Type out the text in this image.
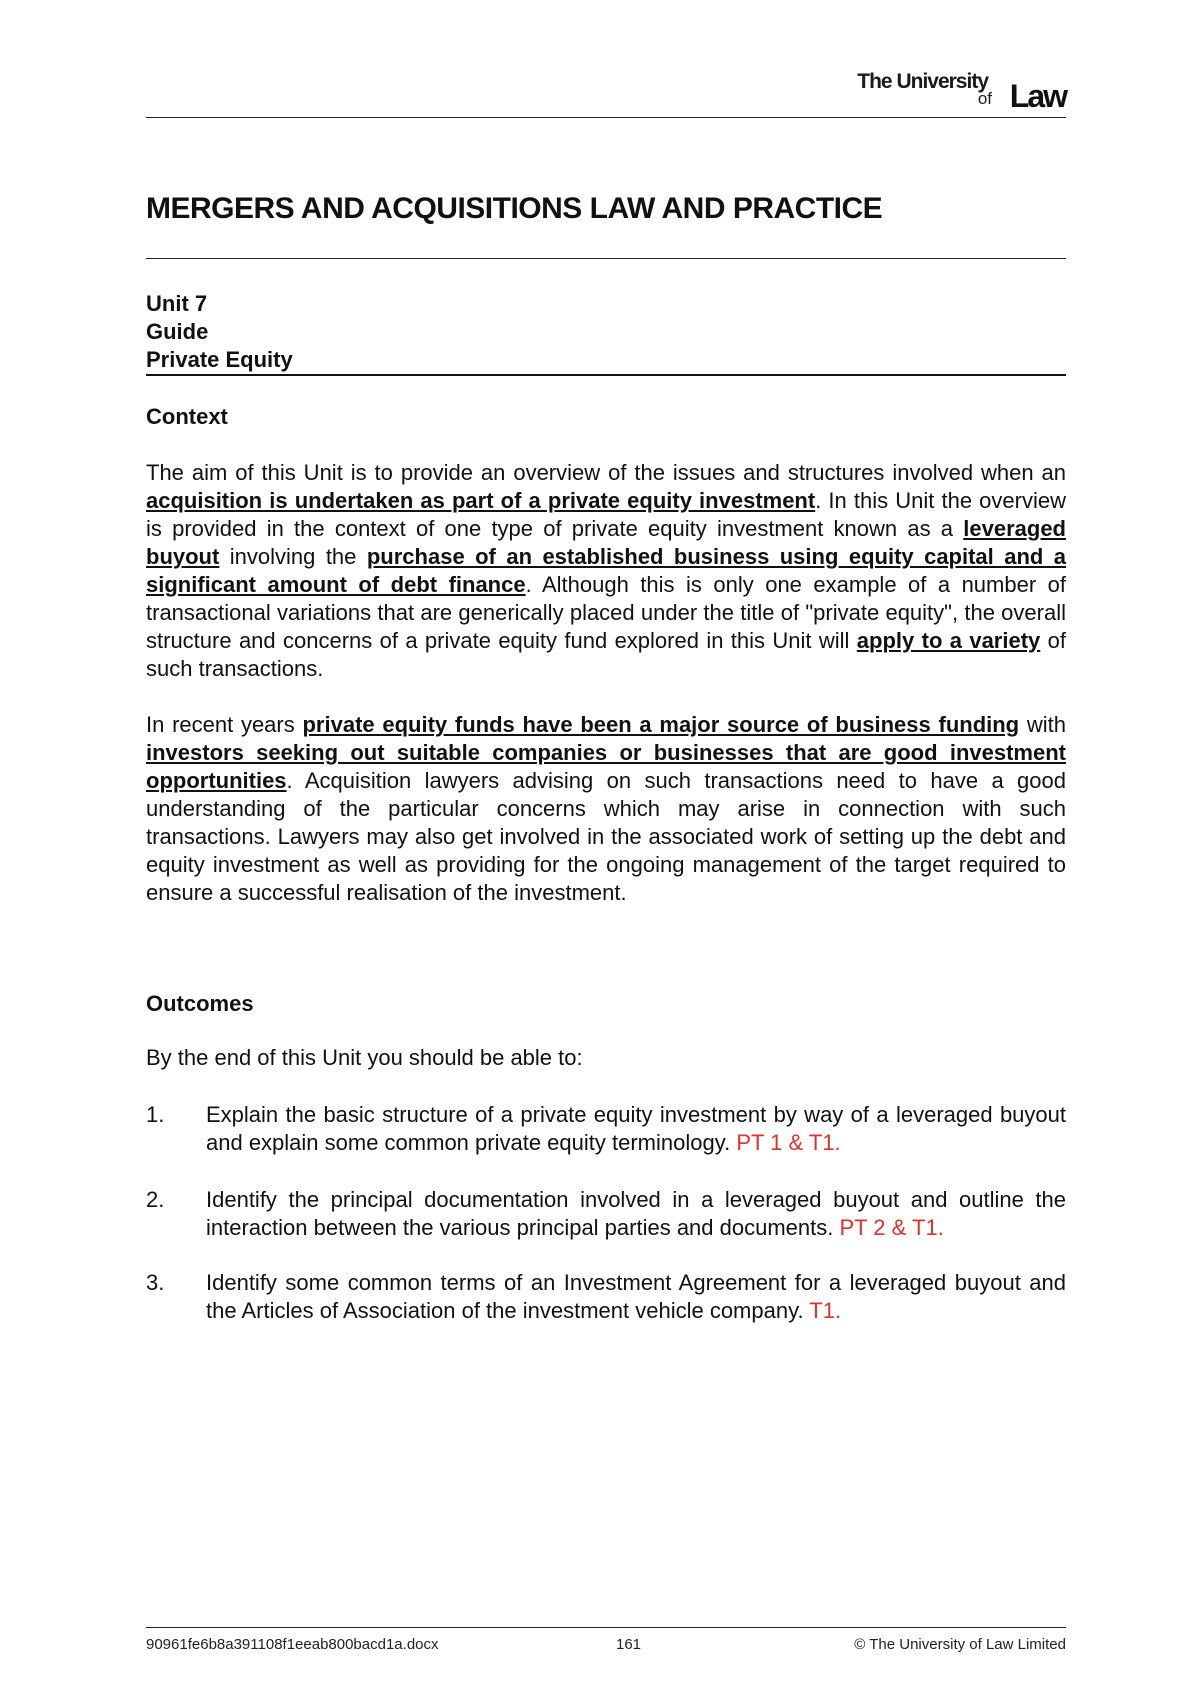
The University
of Law
MERGERS AND ACQUISITIONS LAW AND PRACTICE
Unit 7
Guide
Private Equity
Context

The aim of this Unit is to provide an overview of the issues and structures involved when an acquisition is undertaken as part of a private equity investment. In this Unit the overview is provided in the context of one type of private equity investment known as a leveraged buyout involving the purchase of an established business using equity capital and a significant amount of debt finance. Although this is only one example of a number of transactional variations that are generically placed under the title of "private equity", the overall structure and concerns of a private equity fund explored in this Unit will apply to a variety of such transactions.

In recent years private equity funds have been a major source of business funding with investors seeking out suitable companies or businesses that are good investment opportunities. Acquisition lawyers advising on such transactions need to have a good understanding of the particular concerns which may arise in connection with such transactions. Lawyers may also get involved in the associated work of setting up the debt and equity investment as well as providing for the ongoing management of the target required to ensure a successful realisation of the investment.

Outcomes

By the end of this Unit you should be able to:

1. Explain the basic structure of a private equity investment by way of a leveraged buyout and explain some common private equity terminology. PT 1 & T1.
2. Identify the principal documentation involved in a leveraged buyout and outline the interaction between the various principal parties and documents. PT 2 & T1.
3. Identify some common terms of an Investment Agreement for a leveraged buyout and the Articles of Association of the investment vehicle company. T1.
90961fe6b8a391108f1eeab800bacd1a.docx	161	© The University of Law Limited
